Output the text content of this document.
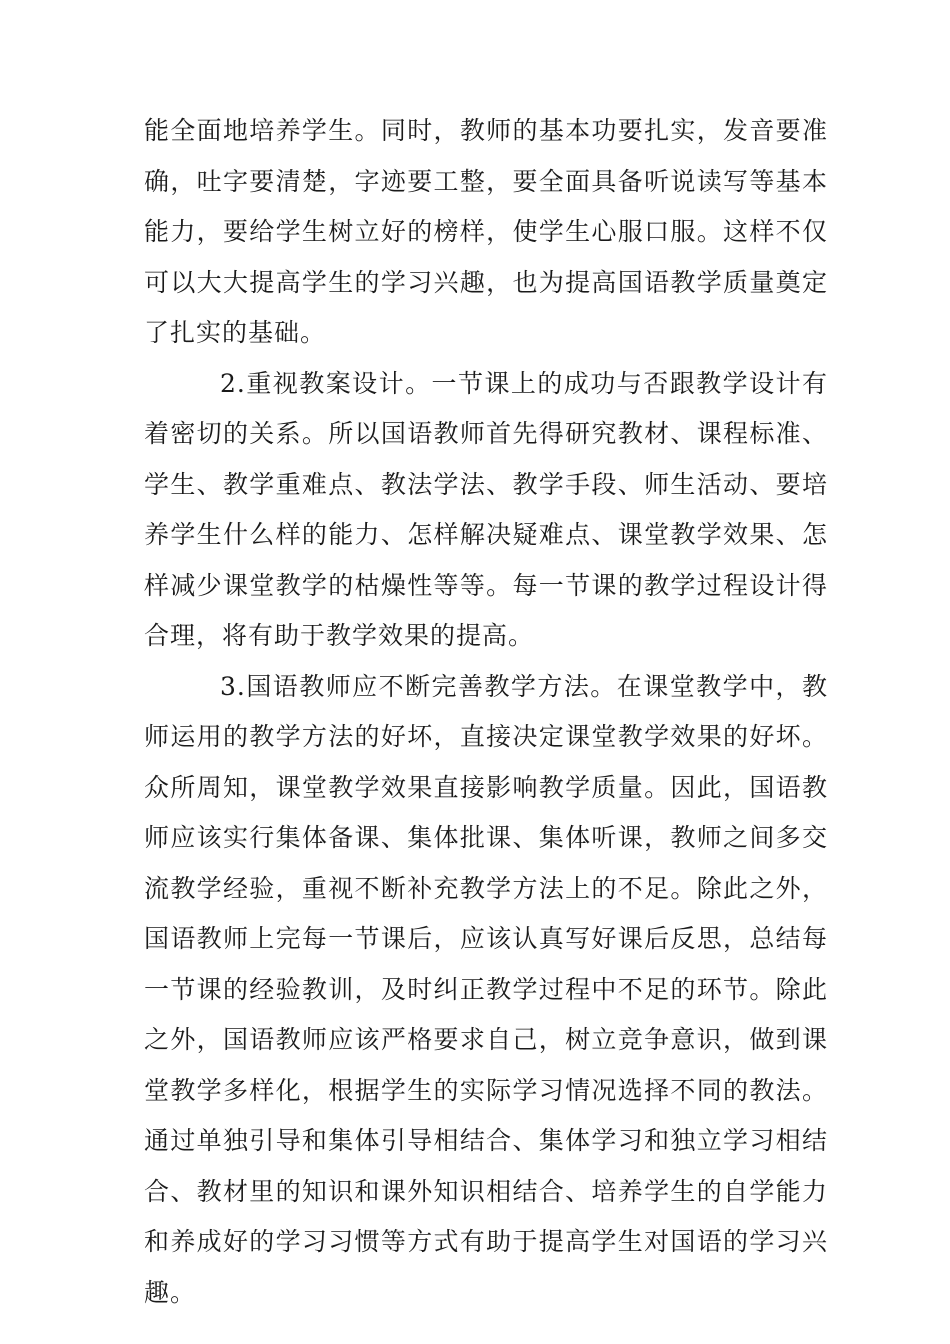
能全面地培养学生。同时，教师的基本功要扎实，发音要准确，吐字要清楚，字迹要工整，要全面具备听说读写等基本能力，要给学生树立好的榜样，使学生心服口服。这样不仅可以大大提高学生的学习兴趣，也为提高国语教学质量奠定了扎实的基础。

2.重视教案设计。一节课上的成功与否跟教学设计有着密切的关系。所以国语教师首先得研究教材、课程标准、学生、教学重难点、教法学法、教学手段、师生活动、要培养学生什么样的能力、怎样解决疑难点、课堂教学效果、怎样减少课堂教学的枯燥性等等。每一节课的教学过程设计得合理，将有助于教学效果的提高。

3.国语教师应不断完善教学方法。在课堂教学中，教师运用的教学方法的好坏，直接决定课堂教学效果的好坏。众所周知，课堂教学效果直接影响教学质量。因此，国语教师应该实行集体备课、集体批课、集体听课，教师之间多交流教学经验，重视不断补充教学方法上的不足。除此之外，国语教师上完每一节课后，应该认真写好课后反思，总结每一节课的经验教训，及时纠正教学过程中不足的环节。除此之外，国语教师应该严格要求自己，树立竞争意识，做到课堂教学多样化，根据学生的实际学习情况选择不同的教法。通过单独引导和集体引导相结合、集体学习和独立学习相结合、教材里的知识和课外知识相结合、培养学生的自学能力和养成好的学习习惯等方式有助于提高学生对国语的学习兴趣。
